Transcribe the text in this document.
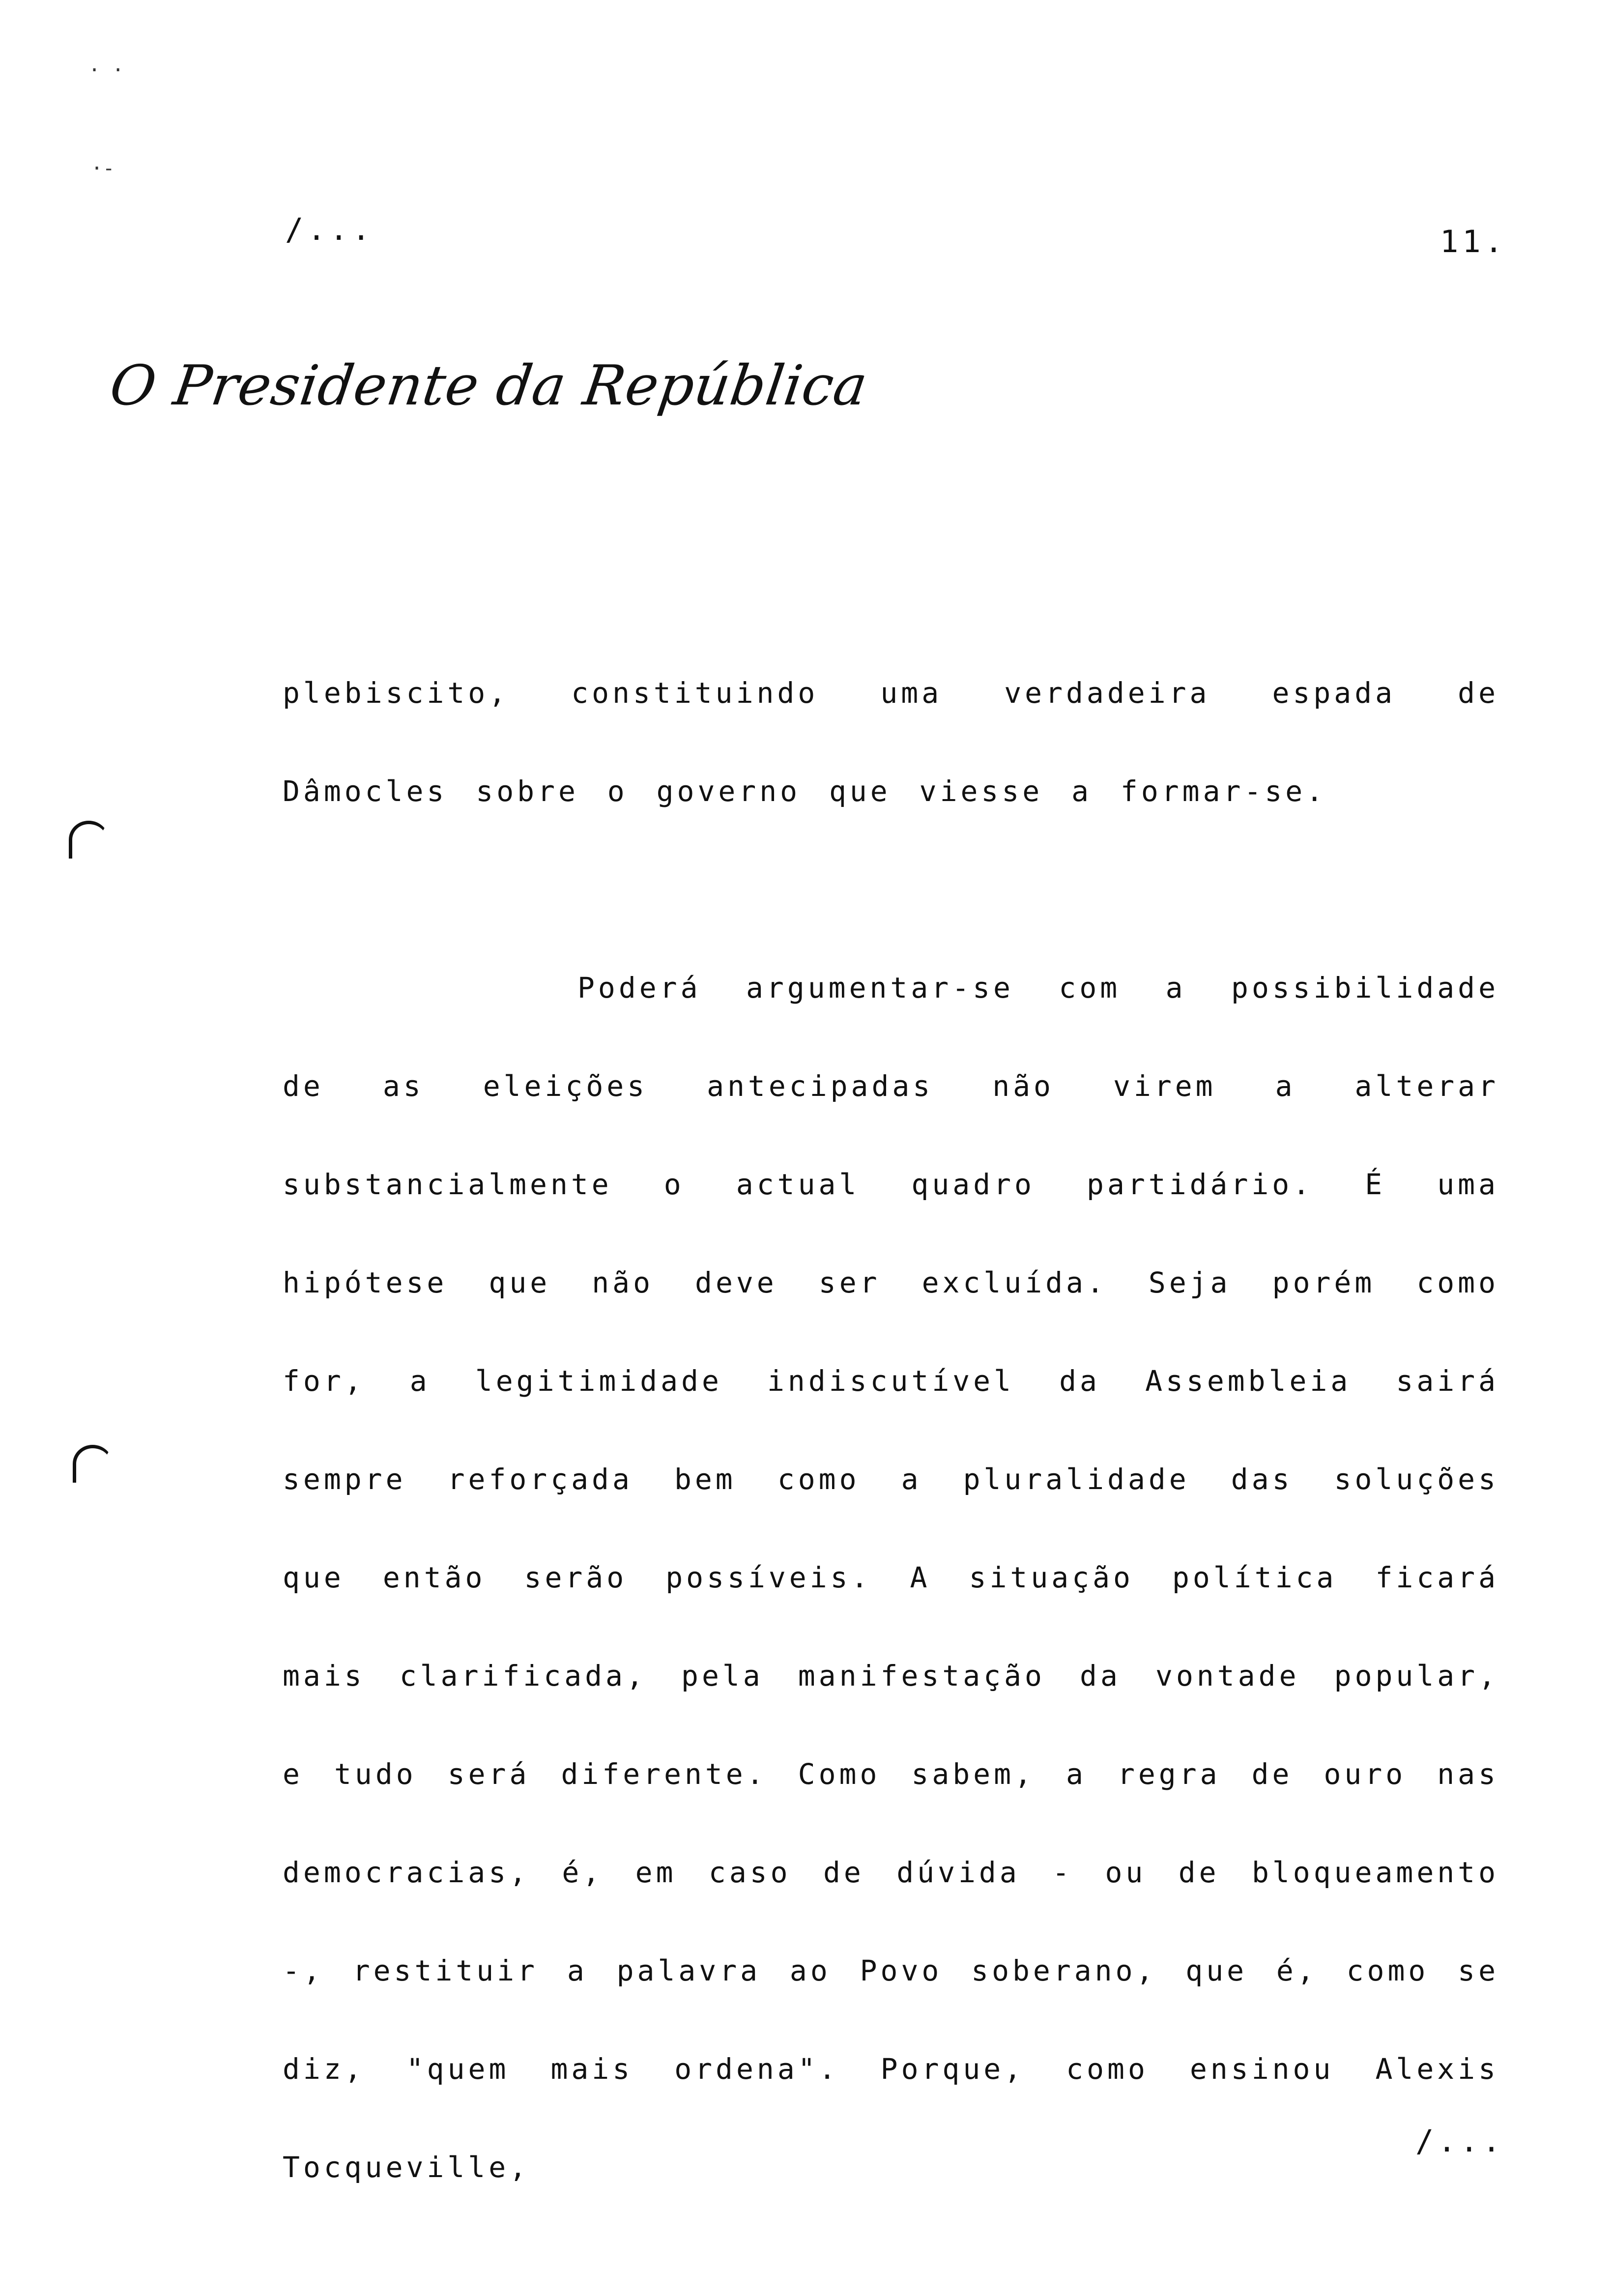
· ·
·-
/...	11.
O Presidente da República

plebiscito, constituindo uma verdadeira espada de Dâmocles sobre o governo que viesse a formar-se.

Poderá argumentar-se com a possibilidade de as eleições antecipadas não virem a alterar substancialmente o actual quadro partidário. É uma hipótese que não deve ser excluída. Seja porém como for, a legitimidade indiscutível da Assembleia sairá sempre reforçada bem como a pluralidade das soluções que então serão possíveis. A situação política ficará mais clarificada, pela manifestação da vontade popular, e tudo será diferente. Como sabem, a regra de ouro nas democracias, é, em caso de dúvida - ou de bloqueamento -, restituir a palavra ao Povo soberano, que é, como se diz, "quem mais ordena". Porque, como ensinou Alexis Tocqueville,

/...
